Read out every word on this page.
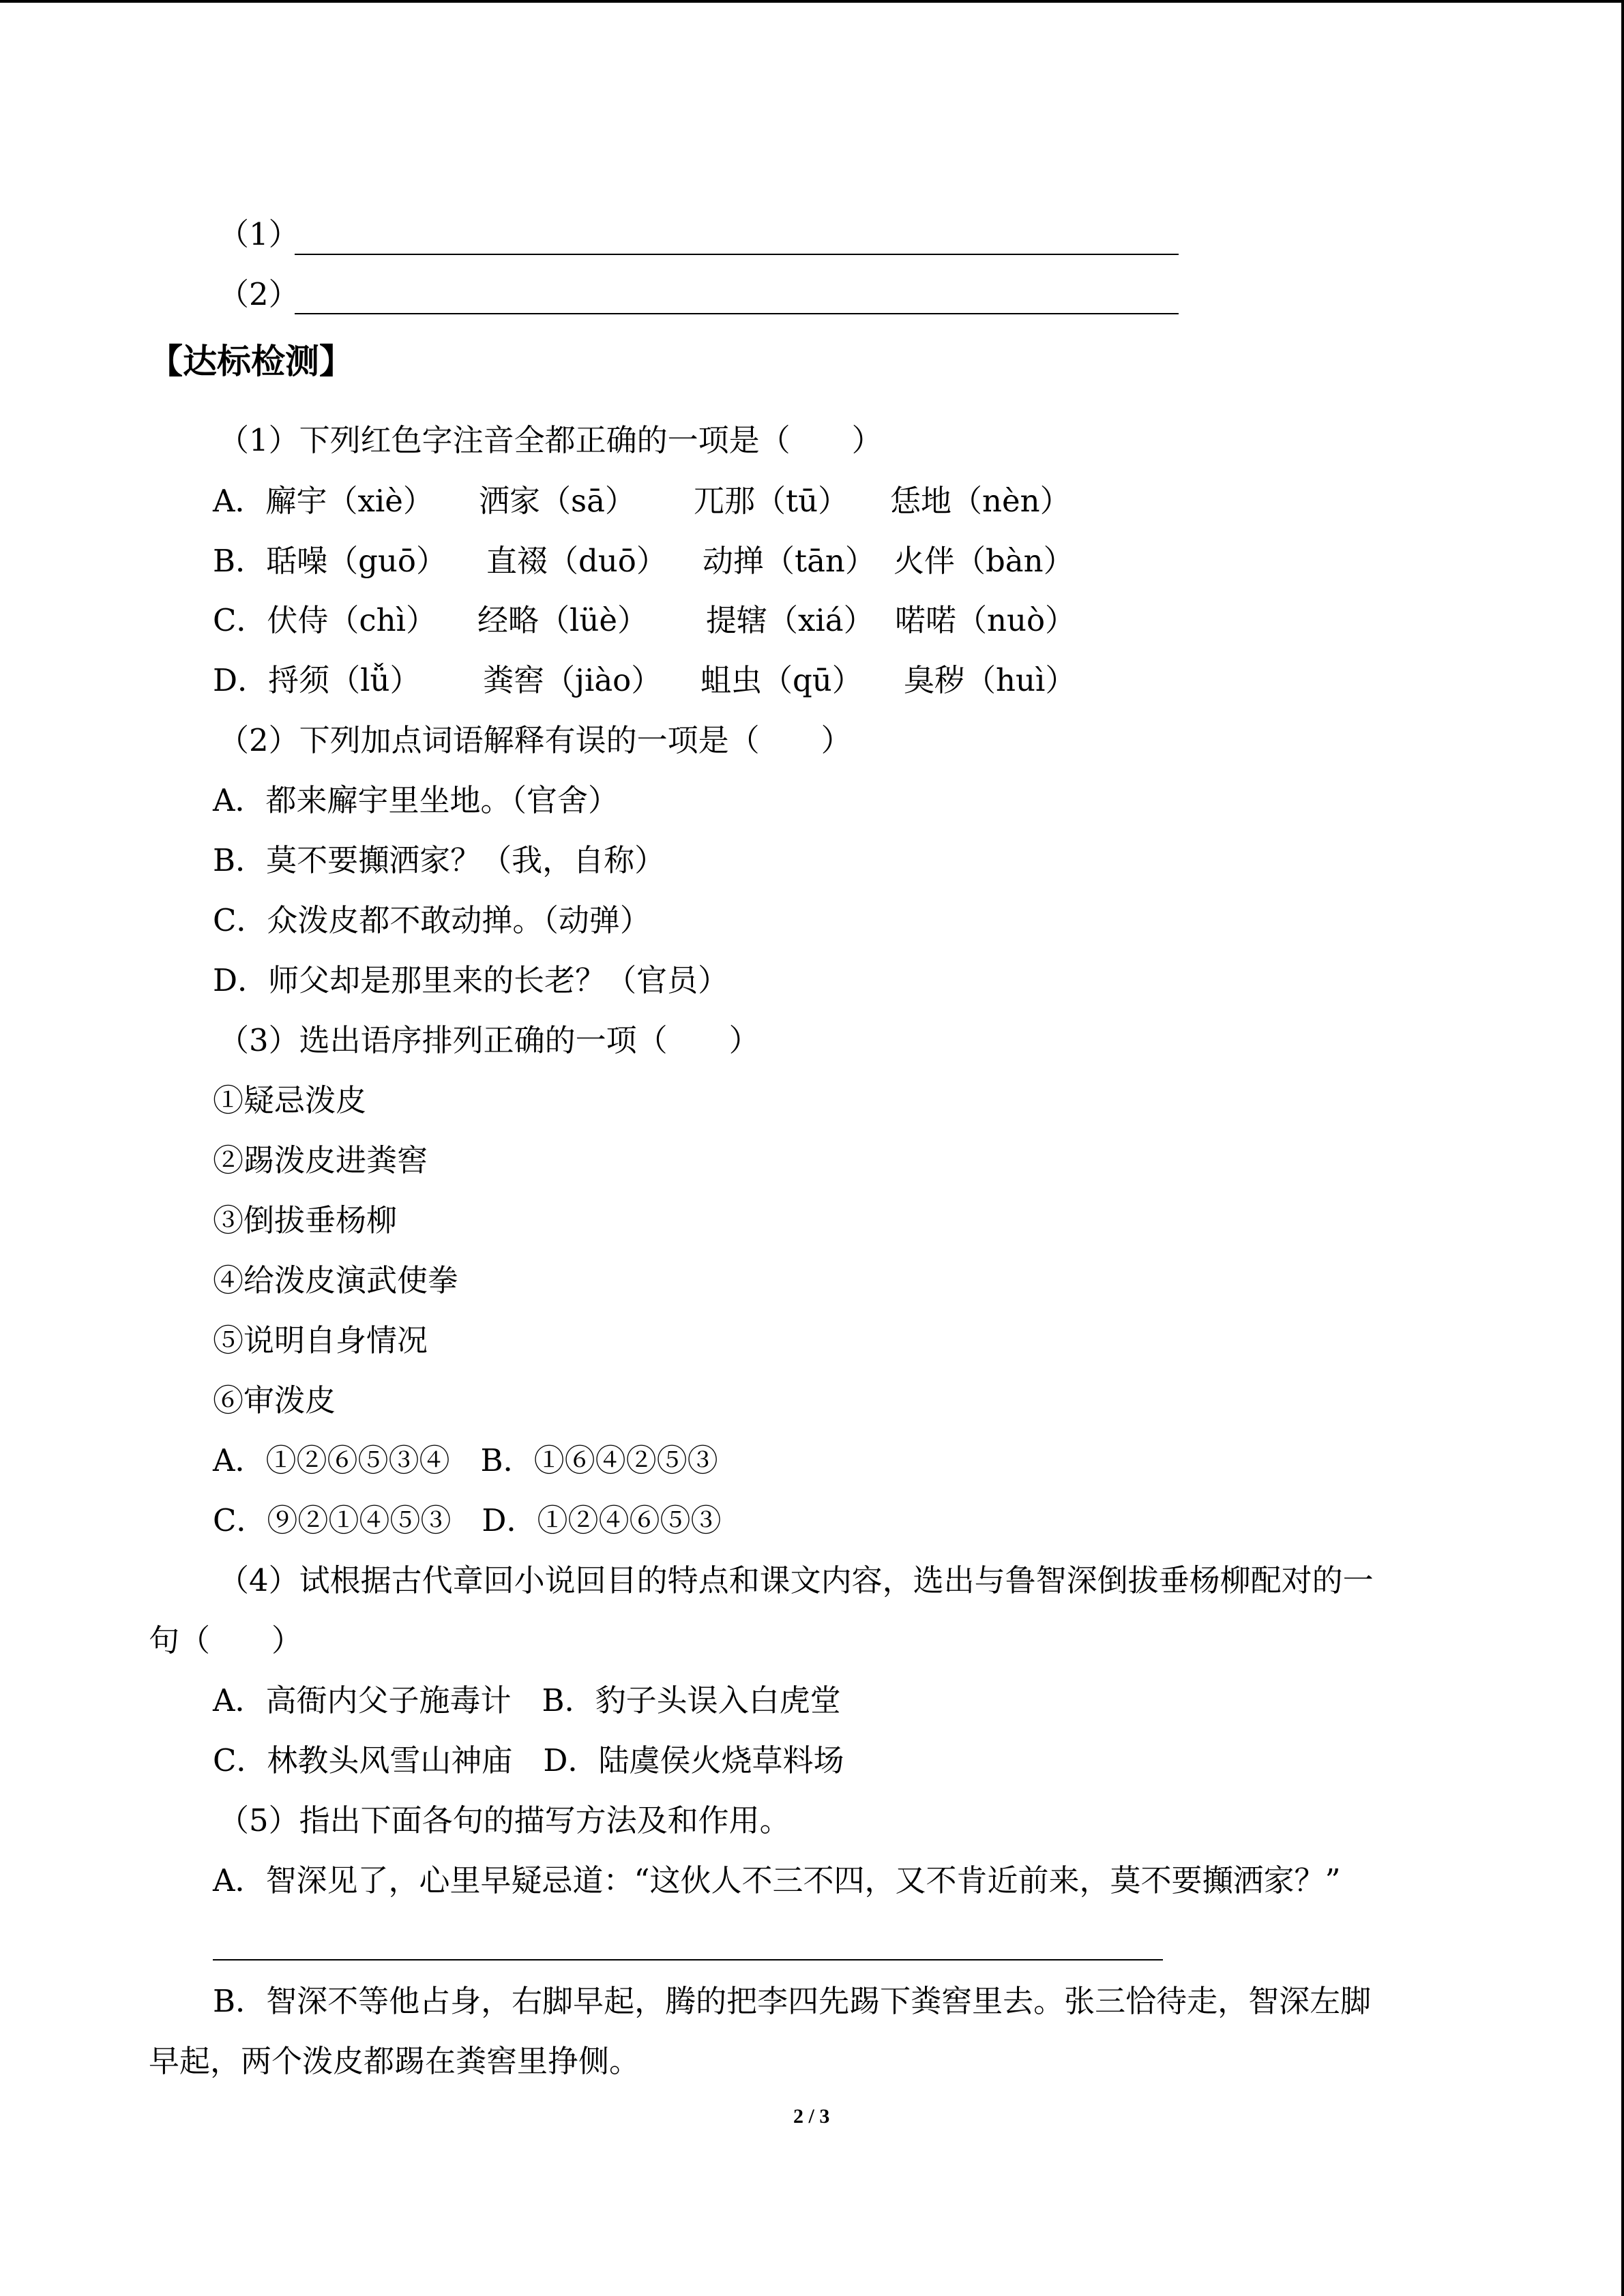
（1）
（2）
【达标检测】
（1）下列红色字注音全都正确的一项是（　　）
A．廨宇（xiè） 洒家（sā） 兀那（tū） 恁地（nèn）
B．聒噪（guō） 直裰（duō） 动掸（tān） 火伴（bàn）
C．伏侍（chì） 经略（lüè） 提辖（xiá） 喏喏（nuò）
D．捋须（lǚ） 粪窖（jiào） 蛆虫（qū） 臭秽（huì）
（2）下列加点词语解释有误的一项是（　　）
A．都来廨宇里坐地。（官舍）
B．莫不要攧洒家？（我，自称）
C．众泼皮都不敢动掸。（动弹）
D．师父却是那里来的长老？（官员）
（3）选出语序排列正确的一项（　　）
①疑忌泼皮
②踢泼皮进粪窖
③倒拔垂杨柳
④给泼皮演武使拳
⑤说明自身情况
⑥审泼皮
A．①②⑥⑤③④　B．①⑥④②⑤③
C．⑨②①④⑤③　D．①②④⑥⑤③
（4）试根据古代章回小说回目的特点和课文内容，选出与鲁智深倒拔垂杨柳配对的一
句（　　）
A．高衙内父子施毒计　B．豹子头误入白虎堂
C．林教头风雪山神庙　D．陆虞侯火烧草料场
（5）指出下面各句的描写方法及和作用。
A．智深见了，心里早疑忌道：“这伙人不三不四，又不肯近前来，莫不要攧洒家？”
B．智深不等他占身，右脚早起，腾的把李四先踢下粪窖里去。张三恰待走，智深左脚
早起，两个泼皮都踢在粪窖里挣侧。
2 / 3
